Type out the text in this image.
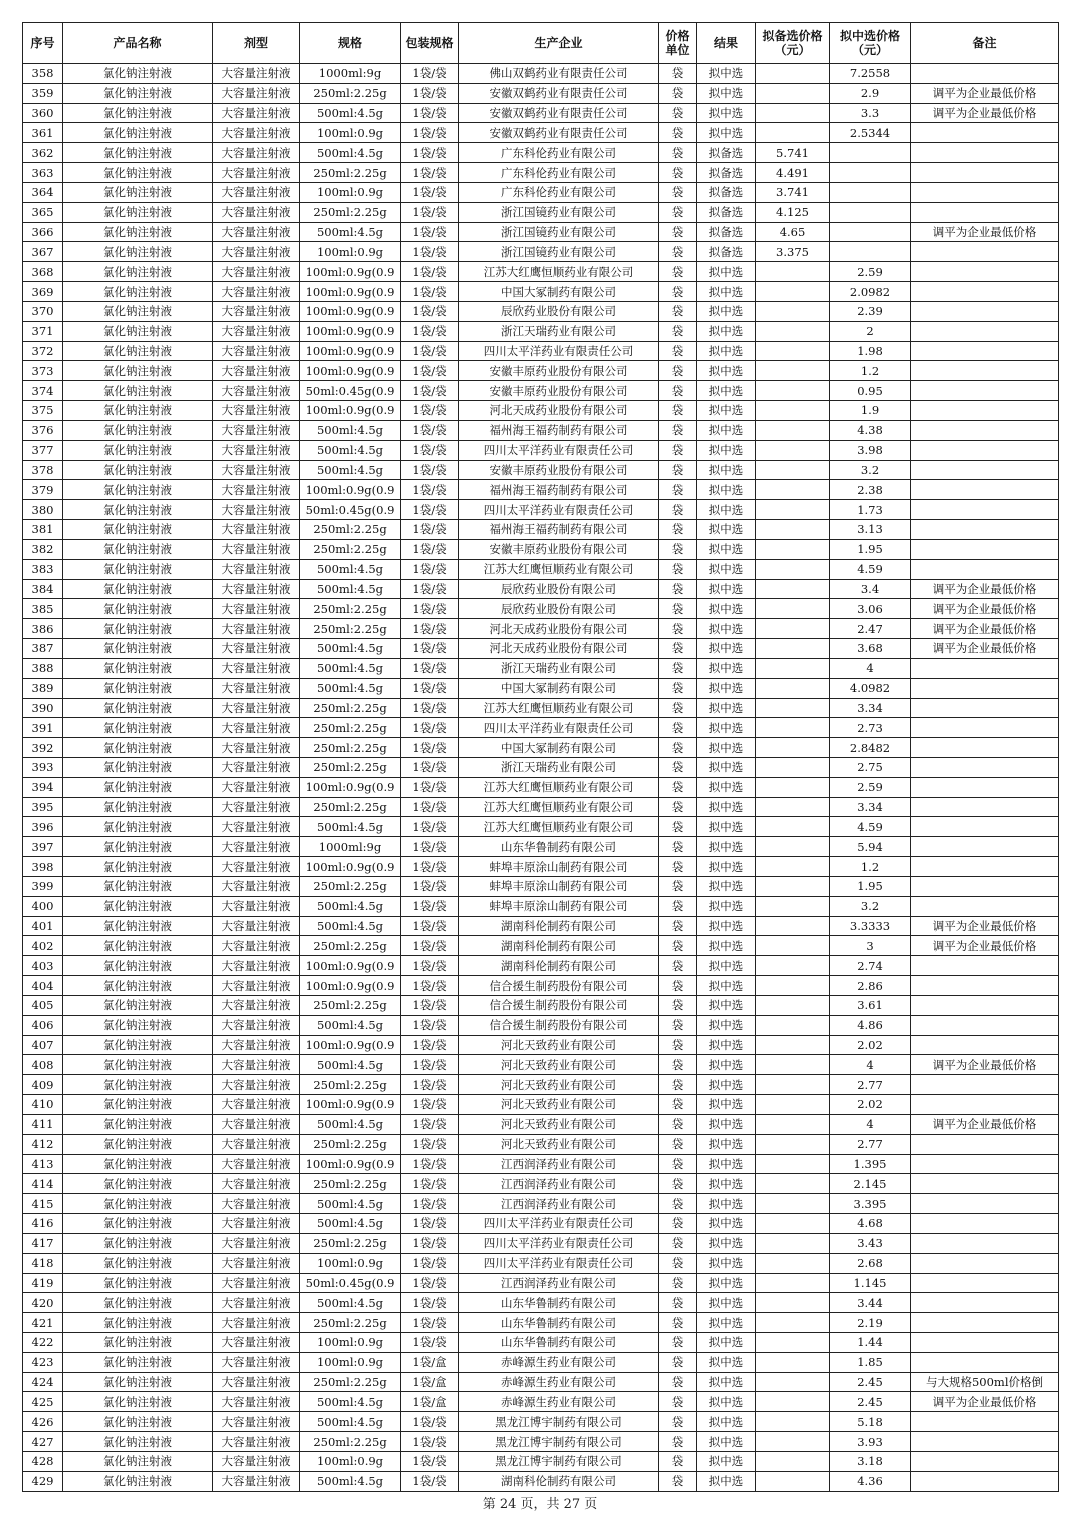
序号	产品名称	剂型	规格	包装规格	生产企业	价格单位	结果	拟备选价格（元）	拟中选价格（元）	备注
358	氯化钠注射液	大容量注射液	1000ml:9g	1袋/袋	佛山双鹤药业有限责任公司	袋	拟中选		7.2558	
359	氯化钠注射液	大容量注射液	250ml:2.25g	1袋/袋	安徽双鹤药业有限责任公司	袋	拟中选		2.9	调平为企业最低价格
360	氯化钠注射液	大容量注射液	500ml:4.5g	1袋/袋	安徽双鹤药业有限责任公司	袋	拟中选		3.3	调平为企业最低价格
361	氯化钠注射液	大容量注射液	100ml:0.9g	1袋/袋	安徽双鹤药业有限责任公司	袋	拟中选		2.5344	
362	氯化钠注射液	大容量注射液	500ml:4.5g	1袋/袋	广东科伦药业有限公司	袋	拟备选	5.741		
363	氯化钠注射液	大容量注射液	250ml:2.25g	1袋/袋	广东科伦药业有限公司	袋	拟备选	4.491		
364	氯化钠注射液	大容量注射液	100ml:0.9g	1袋/袋	广东科伦药业有限公司	袋	拟备选	3.741		
365	氯化钠注射液	大容量注射液	250ml:2.25g	1袋/袋	浙江国镜药业有限公司	袋	拟备选	4.125		
366	氯化钠注射液	大容量注射液	500ml:4.5g	1袋/袋	浙江国镜药业有限公司	袋	拟备选	4.65		调平为企业最低价格
367	氯化钠注射液	大容量注射液	100ml:0.9g	1袋/袋	浙江国镜药业有限公司	袋	拟备选	3.375		
368	氯化钠注射液	大容量注射液	100ml:0.9g(0.9	1袋/袋	江苏大红鹰恒顺药业有限公司	袋	拟中选		2.59	
369	氯化钠注射液	大容量注射液	100ml:0.9g(0.9	1袋/袋	中国大冢制药有限公司	袋	拟中选		2.0982	
370	氯化钠注射液	大容量注射液	100ml:0.9g(0.9	1袋/袋	辰欣药业股份有限公司	袋	拟中选		2.39	
371	氯化钠注射液	大容量注射液	100ml:0.9g(0.9	1袋/袋	浙江天瑞药业有限公司	袋	拟中选		2	
372	氯化钠注射液	大容量注射液	100ml:0.9g(0.9	1袋/袋	四川太平洋药业有限责任公司	袋	拟中选		1.98	
373	氯化钠注射液	大容量注射液	100ml:0.9g(0.9	1袋/袋	安徽丰原药业股份有限公司	袋	拟中选		1.2	
374	氯化钠注射液	大容量注射液	50ml:0.45g(0.9	1袋/袋	安徽丰原药业股份有限公司	袋	拟中选		0.95	
375	氯化钠注射液	大容量注射液	100ml:0.9g(0.9	1袋/袋	河北天成药业股份有限公司	袋	拟中选		1.9	
376	氯化钠注射液	大容量注射液	500ml:4.5g	1袋/袋	福州海王福药制药有限公司	袋	拟中选		4.38	
377	氯化钠注射液	大容量注射液	500ml:4.5g	1袋/袋	四川太平洋药业有限责任公司	袋	拟中选		3.98	
378	氯化钠注射液	大容量注射液	500ml:4.5g	1袋/袋	安徽丰原药业股份有限公司	袋	拟中选		3.2	
379	氯化钠注射液	大容量注射液	100ml:0.9g(0.9	1袋/袋	福州海王福药制药有限公司	袋	拟中选		2.38	
380	氯化钠注射液	大容量注射液	50ml:0.45g(0.9	1袋/袋	四川太平洋药业有限责任公司	袋	拟中选		1.73	
381	氯化钠注射液	大容量注射液	250ml:2.25g	1袋/袋	福州海王福药制药有限公司	袋	拟中选		3.13	
382	氯化钠注射液	大容量注射液	250ml:2.25g	1袋/袋	安徽丰原药业股份有限公司	袋	拟中选		1.95	
383	氯化钠注射液	大容量注射液	500ml:4.5g	1袋/袋	江苏大红鹰恒顺药业有限公司	袋	拟中选		4.59	
384	氯化钠注射液	大容量注射液	500ml:4.5g	1袋/袋	辰欣药业股份有限公司	袋	拟中选		3.4	调平为企业最低价格
385	氯化钠注射液	大容量注射液	250ml:2.25g	1袋/袋	辰欣药业股份有限公司	袋	拟中选		3.06	调平为企业最低价格
386	氯化钠注射液	大容量注射液	250ml:2.25g	1袋/袋	河北天成药业股份有限公司	袋	拟中选		2.47	调平为企业最低价格
387	氯化钠注射液	大容量注射液	500ml:4.5g	1袋/袋	河北天成药业股份有限公司	袋	拟中选		3.68	调平为企业最低价格
388	氯化钠注射液	大容量注射液	500ml:4.5g	1袋/袋	浙江天瑞药业有限公司	袋	拟中选		4	
389	氯化钠注射液	大容量注射液	500ml:4.5g	1袋/袋	中国大冢制药有限公司	袋	拟中选		4.0982	
390	氯化钠注射液	大容量注射液	250ml:2.25g	1袋/袋	江苏大红鹰恒顺药业有限公司	袋	拟中选		3.34	
391	氯化钠注射液	大容量注射液	250ml:2.25g	1袋/袋	四川太平洋药业有限责任公司	袋	拟中选		2.73	
392	氯化钠注射液	大容量注射液	250ml:2.25g	1袋/袋	中国大冢制药有限公司	袋	拟中选		2.8482	
393	氯化钠注射液	大容量注射液	250ml:2.25g	1袋/袋	浙江天瑞药业有限公司	袋	拟中选		2.75	
394	氯化钠注射液	大容量注射液	100ml:0.9g(0.9	1袋/袋	江苏大红鹰恒顺药业有限公司	袋	拟中选		2.59	
395	氯化钠注射液	大容量注射液	250ml:2.25g	1袋/袋	江苏大红鹰恒顺药业有限公司	袋	拟中选		3.34	
396	氯化钠注射液	大容量注射液	500ml:4.5g	1袋/袋	江苏大红鹰恒顺药业有限公司	袋	拟中选		4.59	
397	氯化钠注射液	大容量注射液	1000ml:9g	1袋/袋	山东华鲁制药有限公司	袋	拟中选		5.94	
398	氯化钠注射液	大容量注射液	100ml:0.9g(0.9	1袋/袋	蚌埠丰原涂山制药有限公司	袋	拟中选		1.2	
399	氯化钠注射液	大容量注射液	250ml:2.25g	1袋/袋	蚌埠丰原涂山制药有限公司	袋	拟中选		1.95	
400	氯化钠注射液	大容量注射液	500ml:4.5g	1袋/袋	蚌埠丰原涂山制药有限公司	袋	拟中选		3.2	
401	氯化钠注射液	大容量注射液	500ml:4.5g	1袋/袋	湖南科伦制药有限公司	袋	拟中选		3.3333	调平为企业最低价格
402	氯化钠注射液	大容量注射液	250ml:2.25g	1袋/袋	湖南科伦制药有限公司	袋	拟中选		3	调平为企业最低价格
403	氯化钠注射液	大容量注射液	100ml:0.9g(0.9	1袋/袋	湖南科伦制药有限公司	袋	拟中选		2.74	
404	氯化钠注射液	大容量注射液	100ml:0.9g(0.9	1袋/袋	信合援生制药股份有限公司	袋	拟中选		2.86	
405	氯化钠注射液	大容量注射液	250ml:2.25g	1袋/袋	信合援生制药股份有限公司	袋	拟中选		3.61	
406	氯化钠注射液	大容量注射液	500ml:4.5g	1袋/袋	信合援生制药股份有限公司	袋	拟中选		4.86	
407	氯化钠注射液	大容量注射液	100ml:0.9g(0.9	1袋/袋	河北天致药业有限公司	袋	拟中选		2.02	
408	氯化钠注射液	大容量注射液	500ml:4.5g	1袋/袋	河北天致药业有限公司	袋	拟中选		4	调平为企业最低价格
409	氯化钠注射液	大容量注射液	250ml:2.25g	1袋/袋	河北天致药业有限公司	袋	拟中选		2.77	
410	氯化钠注射液	大容量注射液	100ml:0.9g(0.9	1袋/袋	河北天致药业有限公司	袋	拟中选		2.02	
411	氯化钠注射液	大容量注射液	500ml:4.5g	1袋/袋	河北天致药业有限公司	袋	拟中选		4	调平为企业最低价格
412	氯化钠注射液	大容量注射液	250ml:2.25g	1袋/袋	河北天致药业有限公司	袋	拟中选		2.77	
413	氯化钠注射液	大容量注射液	100ml:0.9g(0.9	1袋/袋	江西润泽药业有限公司	袋	拟中选		1.395	
414	氯化钠注射液	大容量注射液	250ml:2.25g	1袋/袋	江西润泽药业有限公司	袋	拟中选		2.145	
415	氯化钠注射液	大容量注射液	500ml:4.5g	1袋/袋	江西润泽药业有限公司	袋	拟中选		3.395	
416	氯化钠注射液	大容量注射液	500ml:4.5g	1袋/袋	四川太平洋药业有限责任公司	袋	拟中选		4.68	
417	氯化钠注射液	大容量注射液	250ml:2.25g	1袋/袋	四川太平洋药业有限责任公司	袋	拟中选		3.43	
418	氯化钠注射液	大容量注射液	100ml:0.9g	1袋/袋	四川太平洋药业有限责任公司	袋	拟中选		2.68	
419	氯化钠注射液	大容量注射液	50ml:0.45g(0.9	1袋/袋	江西润泽药业有限公司	袋	拟中选		1.145	
420	氯化钠注射液	大容量注射液	500ml:4.5g	1袋/袋	山东华鲁制药有限公司	袋	拟中选		3.44	
421	氯化钠注射液	大容量注射液	250ml:2.25g	1袋/袋	山东华鲁制药有限公司	袋	拟中选		2.19	
422	氯化钠注射液	大容量注射液	100ml:0.9g	1袋/袋	山东华鲁制药有限公司	袋	拟中选		1.44	
423	氯化钠注射液	大容量注射液	100ml:0.9g	1袋/盒	赤峰源生药业有限公司	袋	拟中选		1.85	
424	氯化钠注射液	大容量注射液	250ml:2.25g	1袋/盒	赤峰源生药业有限公司	袋	拟中选		2.45	与大规格500ml价格倒
425	氯化钠注射液	大容量注射液	500ml:4.5g	1袋/盒	赤峰源生药业有限公司	袋	拟中选		2.45	调平为企业最低价格
426	氯化钠注射液	大容量注射液	500ml:4.5g	1袋/袋	黑龙江博宇制药有限公司	袋	拟中选		5.18	
427	氯化钠注射液	大容量注射液	250ml:2.25g	1袋/袋	黑龙江博宇制药有限公司	袋	拟中选		3.93	
428	氯化钠注射液	大容量注射液	100ml:0.9g	1袋/袋	黑龙江博宇制药有限公司	袋	拟中选		3.18	
429	氯化钠注射液	大容量注射液	500ml:4.5g	1袋/袋	湖南科伦制药有限公司	袋	拟中选		4.36	
第 24 页，共 27 页
